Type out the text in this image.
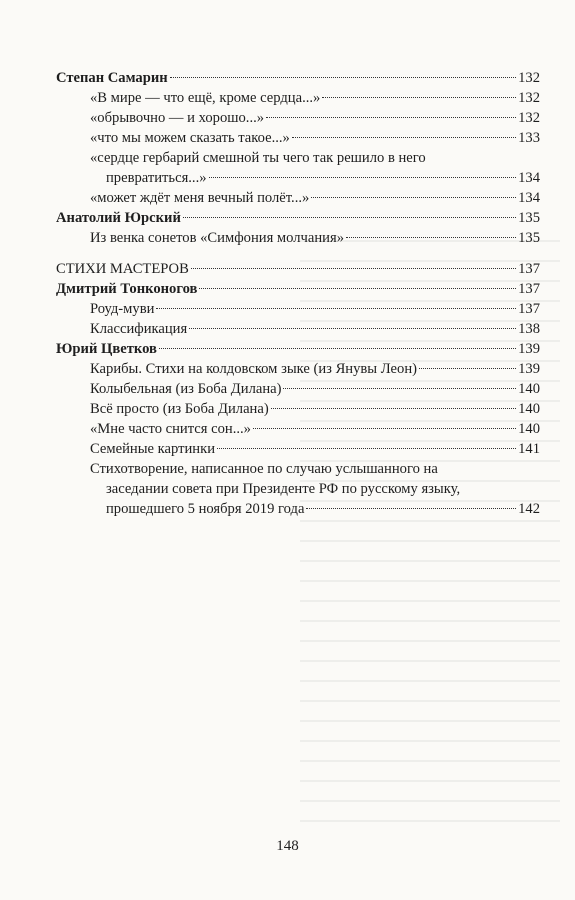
Степан Самарин	132
«В мире — что ещё, кроме сердца...»	132
«обрывочно — и хорошо...»	132
«что мы можем сказать такое...»	133
«сердце гербарий смешной ты чего так решило в него
превратиться...»	134
«может ждёт меня вечный полёт...»	134
Анатолий Юрский	135
Из венка сонетов «Симфония молчания»	135
СТИХИ МАСТЕРОВ	137
Дмитрий Тонконогов	137
Роуд-муви	137
Классификация	138
Юрий Цветков	139
Карибы. Стихи на колдовском зыке (из Янувы Леон)	139
Колыбельная (из Боба Дилана)	140
Всё просто (из Боба Дилана)	140
«Мне часто снится сон...»	140
Семейные картинки	141
Стихотворение, написанное по случаю услышанного на
заседании совета при Президенте РФ по русскому языку,
прошедшего 5 ноября 2019 года	142
148
